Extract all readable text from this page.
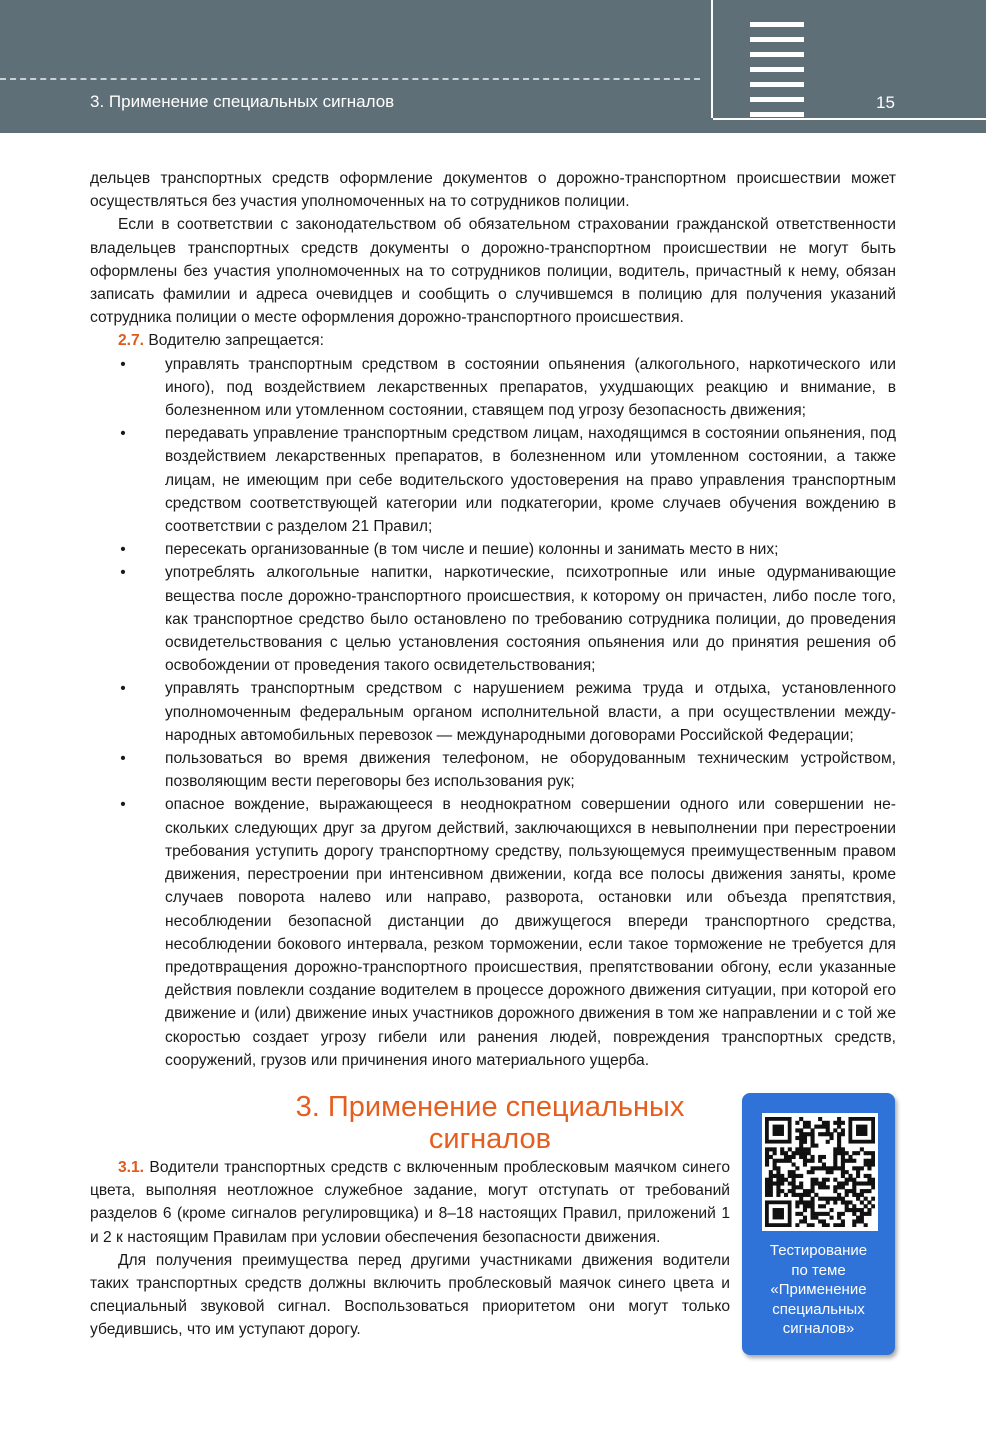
3. Применение специальных сигналов	15

дельцев транспортных средств оформление документов о дорожно-транспортном происшествии может осуществляться без участия уполномоченных на то сотрудников полиции.

Если в соответствии с законодательством об обязательном страховании гражданской ответственности владельцев транспортных средств документы о дорожно-транспортном происшествии не могут быть оформлены без участия уполномоченных на то сотрудников полиции, водитель, причастный к нему, обязан записать фамилии и адреса очевидцев и сообщить о случившемся в полицию для получения указаний сотрудника полиции о месте оформления дорожно-транспортного происшествия.

2.7. Водителю запрещается:

•	управлять транспортным средством в состоянии опьянения (алкогольного, наркотического или иного), под воздействием лекарственных препаратов, ухудшающих реакцию и внимание, в болезненном или утомленном состоянии, ставящем под угрозу безопасность движения;
•	передавать управление транспортным средством лицам, находящимся в состоянии опьянения, под воздействием лекарственных препаратов, в болезненном или утомленном состоянии, а также лицам, не имеющим при себе водительского удостоверения на право управления транспортным средством соответствующей категории или подкатегории, кроме случаев обучения вождению в соответствии с разделом 21 Правил;
•	пересекать организованные (в том числе и пешие) колонны и занимать место в них;
•	употреблять алкогольные напитки, наркотические, психотропные или иные одурманивающие вещества после дорожно-транспортного происшествия, к которому он причастен, либо после того, как транспортное средство было остановлено по требованию сотрудника полиции, до проведения освидетельствования с целью установления состояния опьянения или до принятия решения об освобождении от проведения такого освидетельствования;
•	управлять транспортным средством с нарушением режима труда и отдыха, установленного уполномоченным федеральным органом исполнительной власти, а при осуществлении международных автомобильных перевозок — международными договорами Российской Федерации;
•	пользоваться во время движения телефоном, не оборудованным техническим устройством, позволяющим вести переговоры без использования рук;
•	опасное вождение, выражающееся в неоднократном совершении одного или совершении нескольких следующих друг за другом действий, заключающихся в невыполнении при перестроении требования уступить дорогу транспортному средству, пользующемуся преимущественным правом движения, перестроении при интенсивном движении, когда все полосы движения заняты, кроме случаев поворота налево или направо, разворота, остановки или объезда препятствия, несоблюдении безопасной дистанции до движущегося впереди транспортного средства, несоблюдении бокового интервала, резком торможении, если такое торможение не требуется для предотвращения дорожно-транспортного происшествия, препятствовании обгону, если указанные действия повлекли создание водителем в процессе дорожного движения ситуации, при которой его движение и (или) движение иных участников дорожного движения в том же направлении и с той же скоростью создает угрозу гибели или ранения людей, повреждения транспортных средств, сооружений, грузов или причинения иного материального ущерба.
3. Применение специальных
сигналов

3.1. Водители транспортных средств с включенным проблесковым маячком синего цвета, выполняя неотложное служебное задание, могут отступать от требований разделов 6 (кроме сигналов регулировщика) и 8–18 настоящих Правил, приложений 1 и 2 к настоящим Правилам при условии обеспечения безопасности движения.

Для получения преимущества перед другими участниками движения водители таких транспортных средств должны включить проблесковый маячок синего цвета и специальный звуковой сигнал. Воспользоваться приоритетом они могут только убедившись, что им уступают дорогу.

Тестирование
по теме
«Применение
специальных
сигналов»
